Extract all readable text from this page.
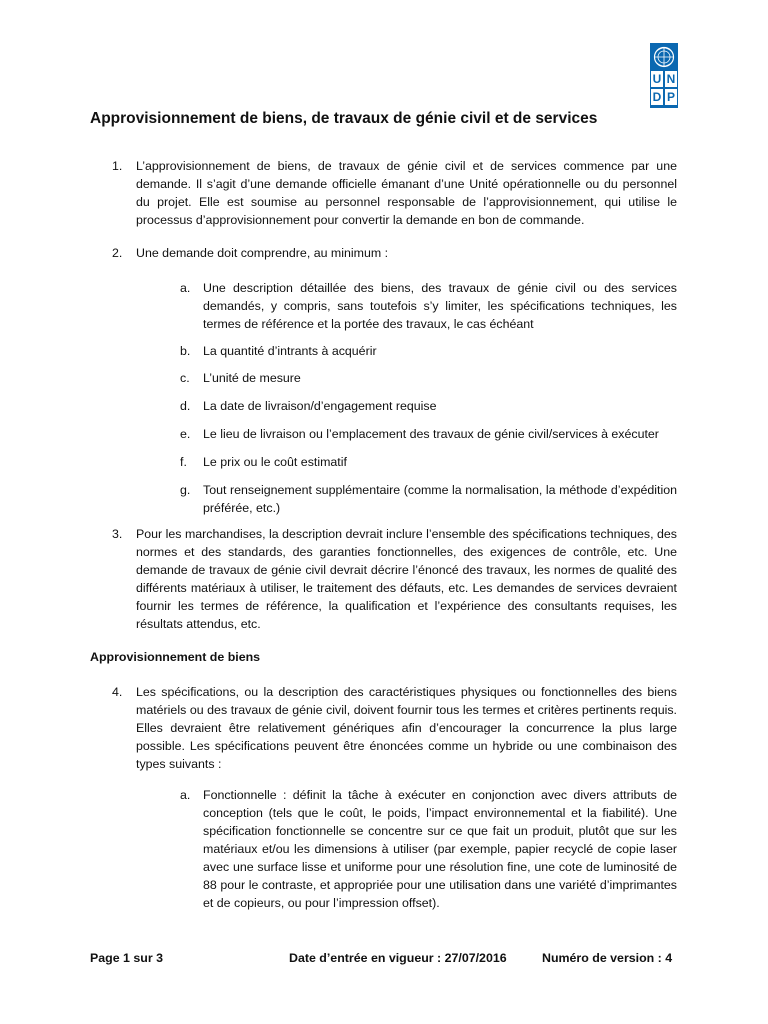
U N
D P
Approvisionnement de biens, de travaux de génie civil et de services
1. L’approvisionnement de biens, de travaux de génie civil et de services commence par une demande. Il s’agit d’une demande officielle émanant d’une Unité opérationnelle ou du personnel du projet. Elle est soumise au personnel responsable de l’approvisionnement, qui utilise le processus d’approvisionnement pour convertir la demande en bon de commande.
2. Une demande doit comprendre, au minimum :
a. Une description détaillée des biens, des travaux de génie civil ou des services demandés, y compris, sans toutefois s’y limiter, les spécifications techniques, les termes de référence et la portée des travaux, le cas échéant
b. La quantité d’intrants à acquérir
c. L’unité de mesure
d. La date de livraison/d’engagement requise
e. Le lieu de livraison ou l’emplacement des travaux de génie civil/services à exécuter
f. Le prix ou le coût estimatif
g. Tout renseignement supplémentaire (comme la normalisation, la méthode d’expédition préférée, etc.)
3. Pour les marchandises, la description devrait inclure l’ensemble des spécifications techniques, des normes et des standards, des garanties fonctionnelles, des exigences de contrôle, etc. Une demande de travaux de génie civil devrait décrire l’énoncé des travaux, les normes de qualité des différents matériaux à utiliser, le traitement des défauts, etc. Les demandes de services devraient fournir les termes de référence, la qualification et l’expérience des consultants requises, les résultats attendus, etc.
Approvisionnement de biens
4. Les spécifications, ou la description des caractéristiques physiques ou fonctionnelles des biens matériels ou des travaux de génie civil, doivent fournir tous les termes et critères pertinents requis. Elles devraient être relativement génériques afin d’encourager la concurrence la plus large possible. Les spécifications peuvent être énoncées comme un hybride ou une combinaison des types suivants :
a. Fonctionnelle : définit la tâche à exécuter en conjonction avec divers attributs de conception (tels que le coût, le poids, l’impact environnemental et la fiabilité). Une spécification fonctionnelle se concentre sur ce que fait un produit, plutôt que sur les matériaux et/ou les dimensions à utiliser (par exemple, papier recyclé de copie laser avec une surface lisse et uniforme pour une résolution fine, une cote de luminosité de 88 pour le contraste, et appropriée pour une utilisation dans une variété d’imprimantes et de copieurs, ou pour l’impression offset).
Page 1 sur 3	Date d’entrée en vigueur : 27/07/2016	Numéro de version : 4
